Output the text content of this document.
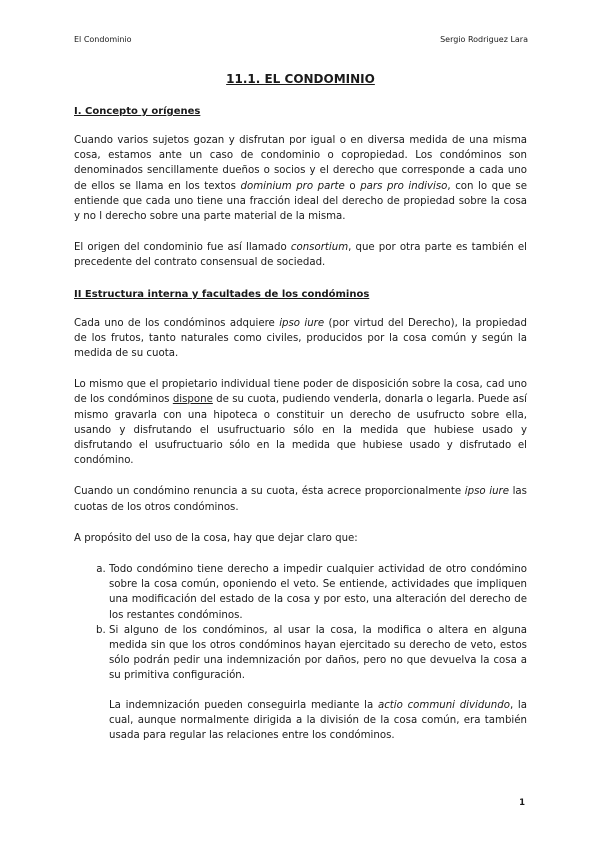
El Condominio	Sergio Rodriguez Lara
11.1. EL CONDOMINIO
I. Concepto y orígenes

Cuando varios sujetos gozan y disfrutan por igual o en diversa medida de una misma cosa, estamos ante un caso de condominio o copropiedad. Los condóminos son denominados sencillamente dueños o socios y el derecho que corresponde a cada uno de ellos se llama en los textos dominium pro parte o pars pro indiviso, con lo que se entiende que cada uno tiene una fracción ideal del derecho de propiedad sobre la cosa y no l derecho sobre una parte material de la misma.

El origen del condominio fue así llamado consortium, que por otra parte es también el precedente del contrato consensual de sociedad.

II Estructura interna y facultades de los condóminos

Cada uno de los condóminos adquiere ipso iure (por virtud del Derecho), la propiedad de los frutos, tanto naturales como civiles, producidos por la cosa común y según la medida de su cuota.

Lo mismo que el propietario individual tiene poder de disposición sobre la cosa, cad uno de los condóminos dispone de su cuota, pudiendo venderla, donarla o legarla. Puede así mismo gravarla con una hipoteca o constituir un derecho de usufructo sobre ella, usando y disfrutando el usufructuario sólo en la medida que hubiese usado y disfrutando el usufructuario sólo en la medida que hubiese usado y disfrutado el condómino.

Cuando un condómino renuncia a su cuota, ésta acrece proporcionalmente ipso iure las cuotas de los otros condóminos.

A propósito del uso de la cosa, hay que dejar claro que:

a. Todo condómino tiene derecho a impedir cualquier actividad de otro condómino sobre la cosa común, oponiendo el veto. Se entiende, actividades que impliquen una modificación del estado de la cosa y por esto, una alteración del derecho de los restantes condóminos.
b. Si alguno de los condóminos, al usar la cosa, la modifica o altera en alguna medida sin que los otros condóminos hayan ejercitado su derecho de veto, estos sólo podrán pedir una indemnización por daños, pero no que devuelva la cosa a su primitiva configuración.
La indemnización pueden conseguirla mediante la actio communi dividundo, la cual, aunque normalmente dirigida a la división de la cosa común, era también usada para regular las relaciones entre los condóminos.
1
